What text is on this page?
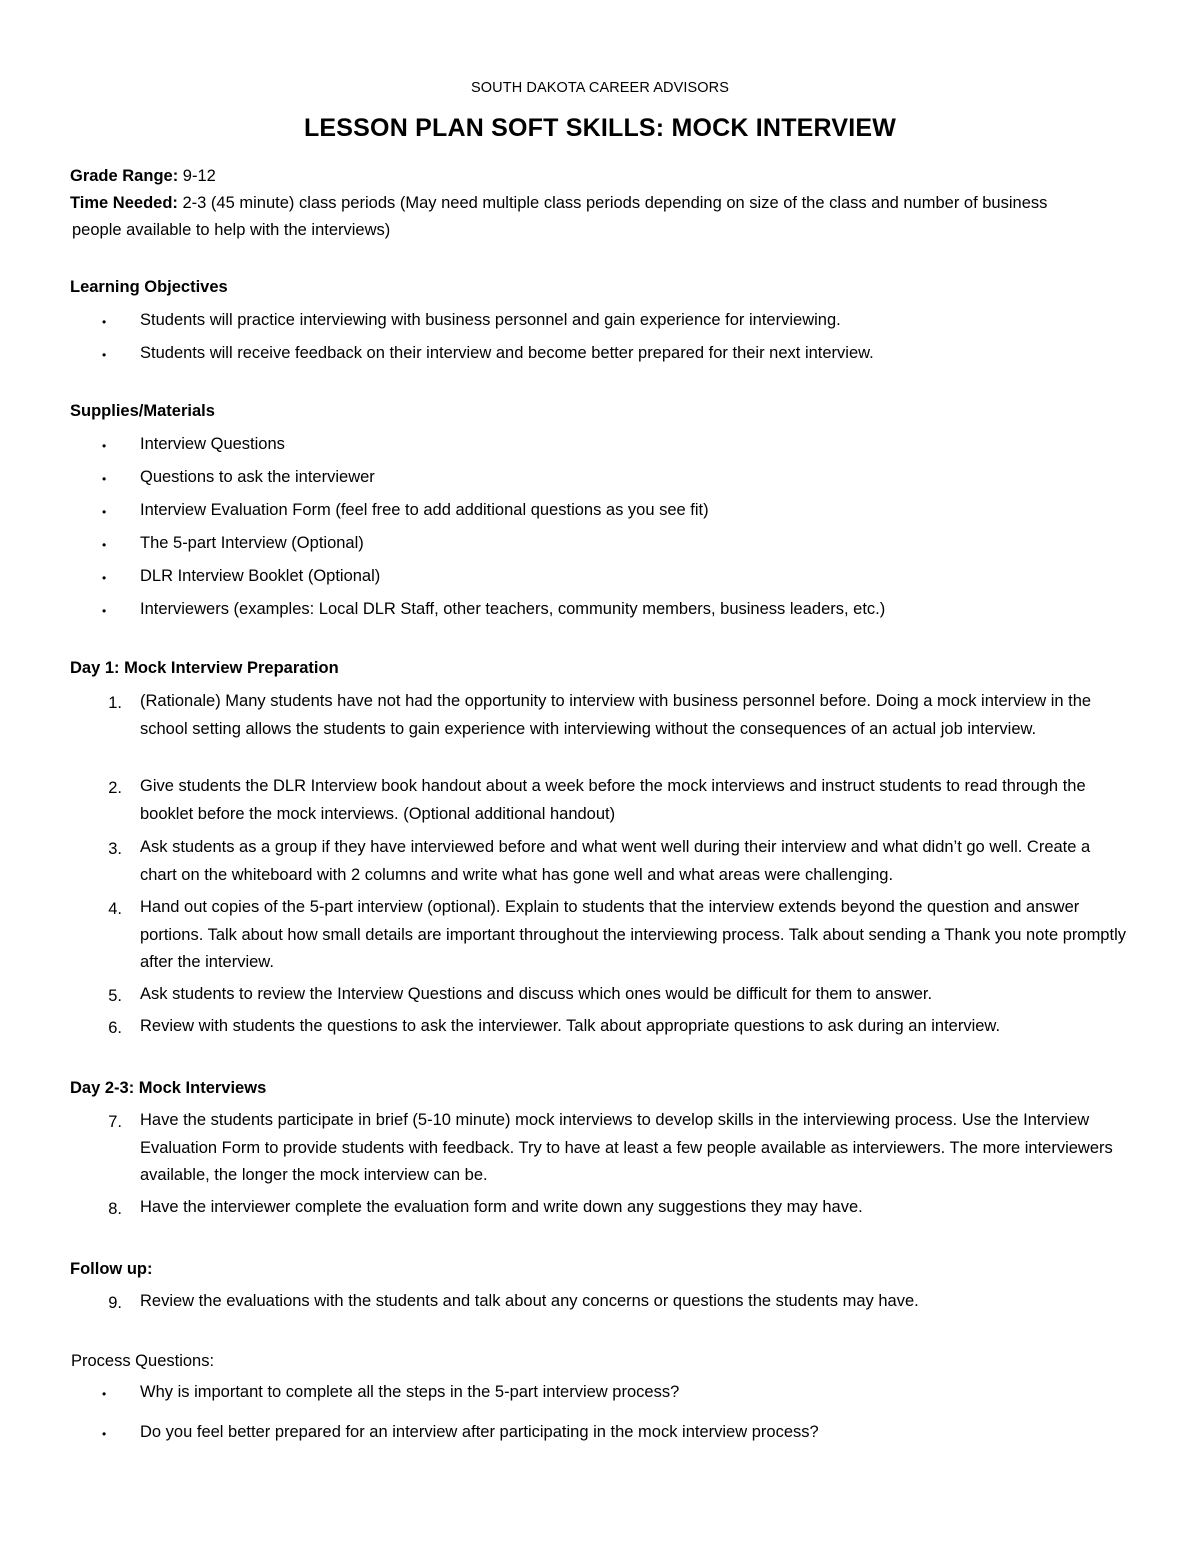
SOUTH DAKOTA CAREER ADVISORS
LESSON PLAN SOFT SKILLS: MOCK INTERVIEW
Grade Range: 9-12
Time Needed: 2-3 (45 minute) class periods (May need multiple class periods depending on size of the class and number of business
people available to help with the interviews)
Learning Objectives
• Students will practice interviewing with business personnel and gain experience for interviewing.
• Students will receive feedback on their interview and become better prepared for their next interview.
Supplies/Materials
• Interview Questions
• Questions to ask the interviewer
• Interview Evaluation Form (feel free to add additional questions as you see fit)
• The 5-part Interview (Optional)
• DLR Interview Booklet (Optional)
• Interviewers (examples: Local DLR Staff, other teachers, community members, business leaders, etc.)
Day 1: Mock Interview Preparation
1. (Rationale) Many students have not had the opportunity to interview with business personnel before. Doing a mock interview in the school setting allows the students to gain experience with interviewing without the consequences of an actual job interview.
2. Give students the DLR Interview book handout about a week before the mock interviews and instruct students to read through the booklet before the mock interviews. (Optional additional handout)
3. Ask students as a group if they have interviewed before and what went well during their interview and what didn’t go well. Create a chart on the whiteboard with 2 columns and write what has gone well and what areas were challenging.
4. Hand out copies of the 5-part interview (optional). Explain to students that the interview extends beyond the question and answer portions. Talk about how small details are important throughout the interviewing process. Talk about sending a Thank you note promptly after the interview.
5. Ask students to review the Interview Questions and discuss which ones would be difficult for them to answer.
6. Review with students the questions to ask the interviewer. Talk about appropriate questions to ask during an interview.
Day 2-3: Mock Interviews
7. Have the students participate in brief (5-10 minute) mock interviews to develop skills in the interviewing process. Use the Interview Evaluation Form to provide students with feedback. Try to have at least a few people available as interviewers. The more interviewers available, the longer the mock interview can be.
8. Have the interviewer complete the evaluation form and write down any suggestions they may have.
Follow up:
9. Review the evaluations with the students and talk about any concerns or questions the students may have.
Process Questions:
• Why is important to complete all the steps in the 5-part interview process?
• Do you feel better prepared for an interview after participating in the mock interview process?
